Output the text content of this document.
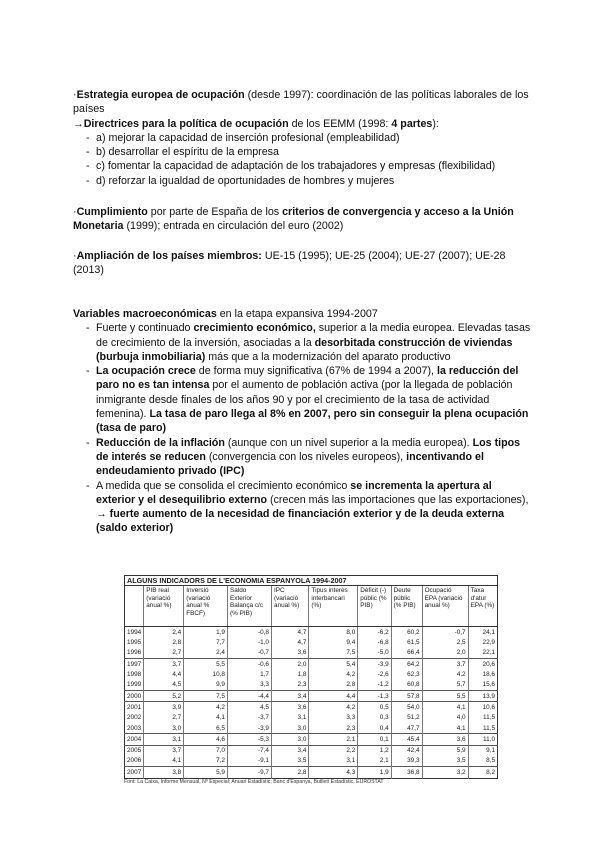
·Estrategia europea de ocupación (desde 1997): coordinación de las políticas laborales de los países

→Directrices para la política de ocupación de los EEMM (1998: 4 partes):

- a) mejorar la capacidad de inserción profesional (empleabilidad)
- b) desarrollar el espíritu de la empresa
- c) fomentar la capacidad de adaptación de los trabajadores y empresas (flexibilidad)
- d) reforzar la igualdad de oportunidades de hombres y mujeres

·Cumplimiento por parte de España de los criterios de convergencia y acceso a la Unión Monetaria (1999); entrada en circulación del euro (2002)

·Ampliación de los países miembros: UE-15 (1995); UE-25 (2004); UE-27 (2007); UE-28 (2013)

Variables macroeconómicas en la etapa expansiva 1994-2007

- Fuerte y continuado crecimiento económico, superior a la media europea. Elevadas tasas de crecimiento de la inversión, asociadas a la desorbitada construcción de viviendas (burbuja inmobiliaria) más que a la modernización del aparato productivo
- La ocupación crece de forma muy significativa (67% de 1994 a 2007), la reducción del paro no es tan intensa por el aumento de población activa (por la llegada de población inmigrante desde finales de los años 90 y por el crecimiento de la tasa de actividad femenina). La tasa de paro llega al 8% en 2007, pero sin conseguir la plena ocupación (tasa de paro)
- Reducción de la inflación (aunque con un nivel superior a la media europea). Los tipos de interés se reducen (convergencia con los niveles europeos), incentivando el endeudamiento privado (IPC)
- A medida que se consolida el crecimiento económico se incrementa la apertura al exterior y el desequilibrio externo (crecen más las importaciones que las exportaciones), → fuerte aumento de la necesidad de financiación exterior y de la deuda externa (saldo exterior)
ALGUNS INDICADORS DE L'ECONOMIA ESPANYOLA 1994-2007									
	PIB real (variació anual %)	Inversió (variació anual % FBCF)	Saldo Exterior Balança c/c (% PIB)	IPC (variació anual %)	Tipus interès interbancari (%)	Dèficit (-) públic (% PIB)	Deute públic (% PIB)	Ocupació EPA (variació anual %)	Taxa d'atur EPA (%)
1994	2,4	1,9	-0,8	4,7	8,0	-6,2	60,2	-0,7	24,1
1995	2,8	7,7	-1,0	4,7	9,4	-6,8	61,5	2,5	22,9
1996	2,7	2,4	-0,7	3,6	7,5	-5,0	66,4	2,0	22,1
1997	3,7	5,5	-0,6	2,0	5,4	-3,9	64,2	3,7	20,6
1998	4,4	10,8	1,7	1,8	4,2	-2,6	62,3	4,2	18,6
1999	4,5	9,9	3,3	2,3	2,8	-1,2	60,8	5,7	15,6
2000	5,2	7,5	-4,4	3,4	4,4	-1,3	57,8	5,5	13,9
2001	3,9	4,2	4,5	3,6	4,2	0,5	54,0	4,1	10,6
2002	2,7	4,1	-3,7	3,1	3,3	0,3	51,2	4,0	11,5
2003	3,0	6,5	-3,9	3,0	2,3	0,4	47,7	4,1	11,5
2004	3,1	4,6	-5,3	3,0	2,1	0,1	45,4	3,6	11,0
2005	3,7	7,0	-7,4	3,4	2,2	1,2	42,4	5,9	9,1
2006	4,1	7,2	-9,1	3,5	3,1	2,1	39,3	3,5	8,5
2007	3,8	5,9	-9,7	2,8	4,3	1,9	36,8	3,2	8,2
Font: La Caixa, Informe Mensual, Nº Especial; Anuari Estadístic; Banc d'Espanya, Butlletí Estadístic, EUROSTAT
